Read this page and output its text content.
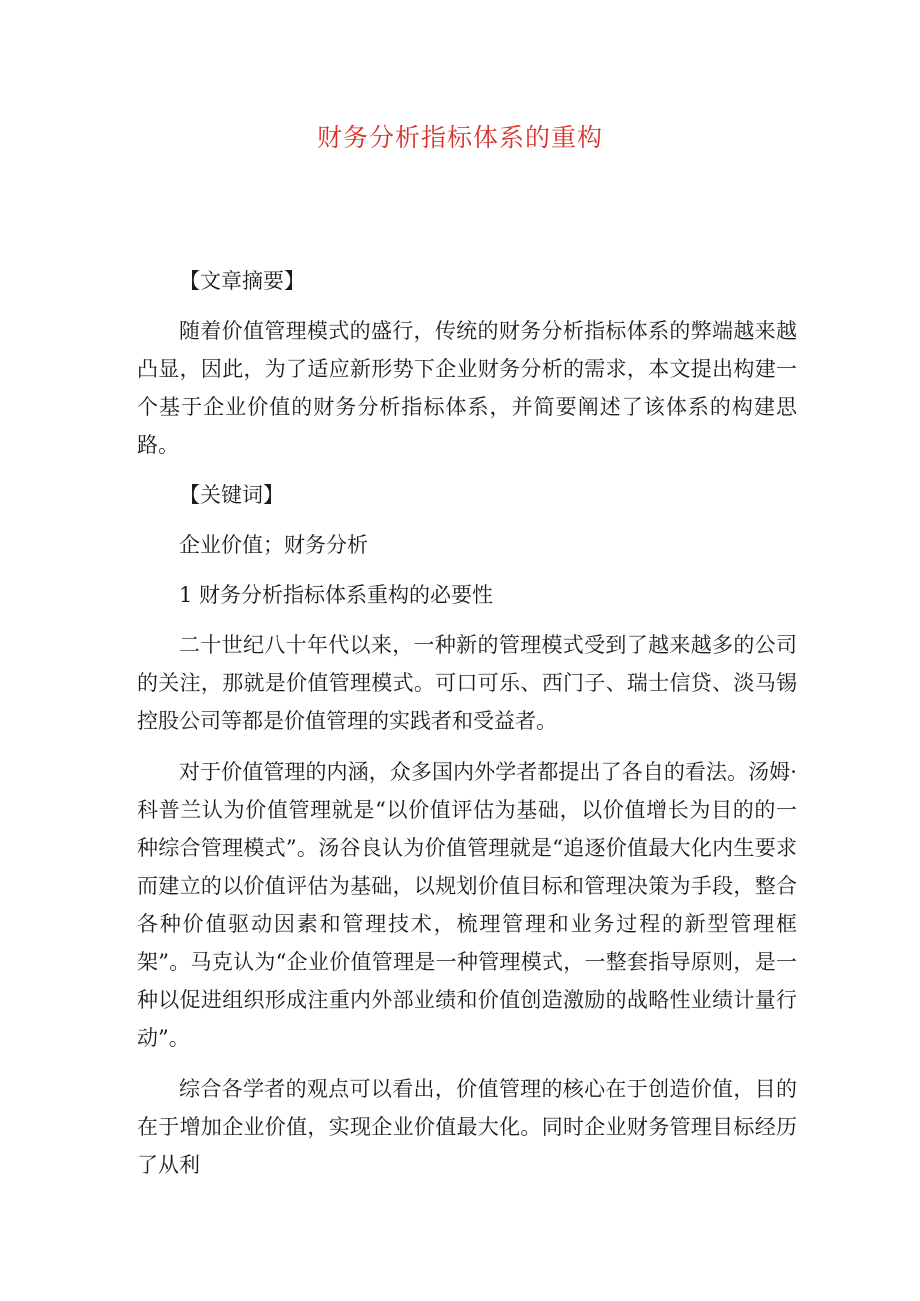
财务分析指标体系的重构

【文章摘要】

随着价值管理模式的盛行，传统的财务分析指标体系的弊端越来越凸显，因此，为了适应新形势下企业财务分析的需求，本文提出构建一个基于企业价值的财务分析指标体系，并简要阐述了该体系的构建思路。

【关键词】

企业价值；财务分析

1 财务分析指标体系重构的必要性

二十世纪八十年代以来，一种新的管理模式受到了越来越多的公司的关注，那就是价值管理模式。可口可乐、西门子、瑞士信贷、淡马锡控股公司等都是价值管理的实践者和受益者。

对于价值管理的内涵，众多国内外学者都提出了各自的看法。汤姆·科普兰认为价值管理就是“以价值评估为基础，以价值增长为目的的一种综合管理模式”。汤谷良认为价值管理就是“追逐价值最大化内生要求而建立的以价值评估为基础，以规划价值目标和管理决策为手段，整合各种价值驱动因素和管理技术，梳理管理和业务过程的新型管理框架”。马克认为“企业价值管理是一种管理模式，一整套指导原则，是一种以促进组织形成注重内外部业绩和价值创造激励的战略性业绩计量行动”。

综合各学者的观点可以看出，价值管理的核心在于创造价值，目的在于增加企业价值，实现企业价值最大化。同时企业财务管理目标经历了从利
